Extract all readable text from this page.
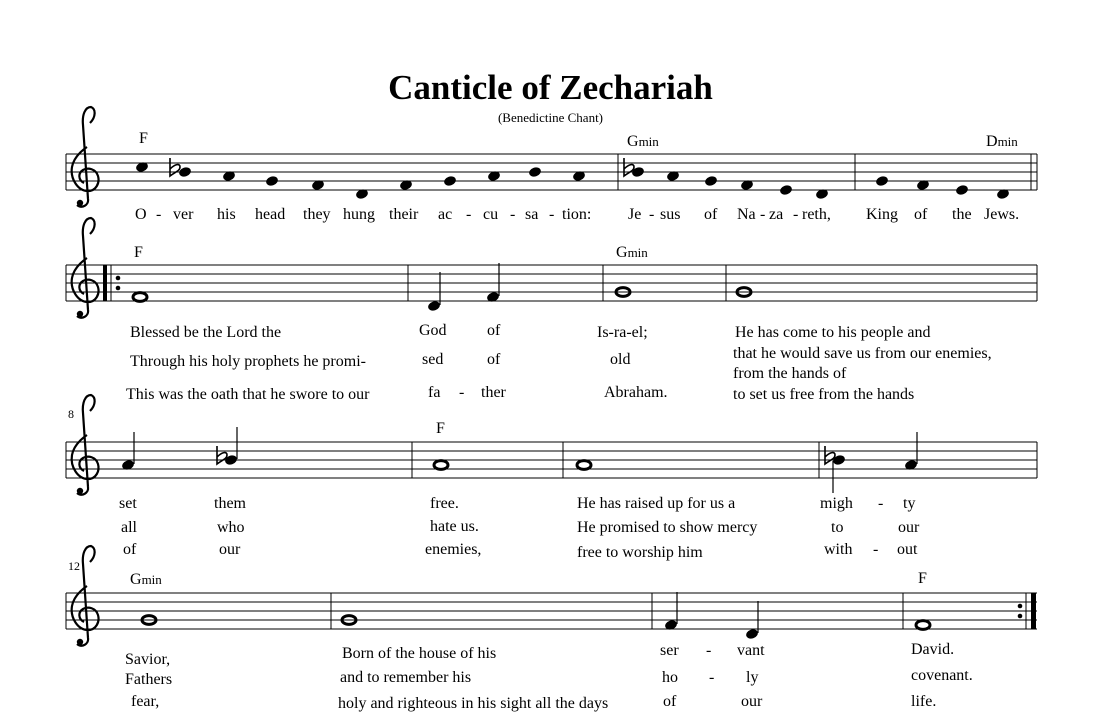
Canticle of Zechariah
(Benedictine Chant)
F	Gmin	Dmin
O - ver his head they hung their ac - cu - sa - tion: Je - sus of Na - za - reth, King of the Jews.
F	Gmin
Blessed be the Lord the	God	of	Is-ra-el;	He has come to his people and
Through his holy prophets he promi-	sed	of	old	that he would save us from our enemies,
from the hands of
This was the oath that he swore to our	fa - ther	Abraham.	to set us free from the hands
8
F
set	them	free.	He has raised up for us a	migh - ty
all	who	hate us.	He promised to show mercy	to	our
of	our	enemies,	free to worship him	with - out
12
Gmin	F
Savior,	Born of the house of his	ser - vant	David.
Fathers	and to remember his	ho - ly	covenant.
fear,	holy and righteous in his sight all the days	of	our	life.
